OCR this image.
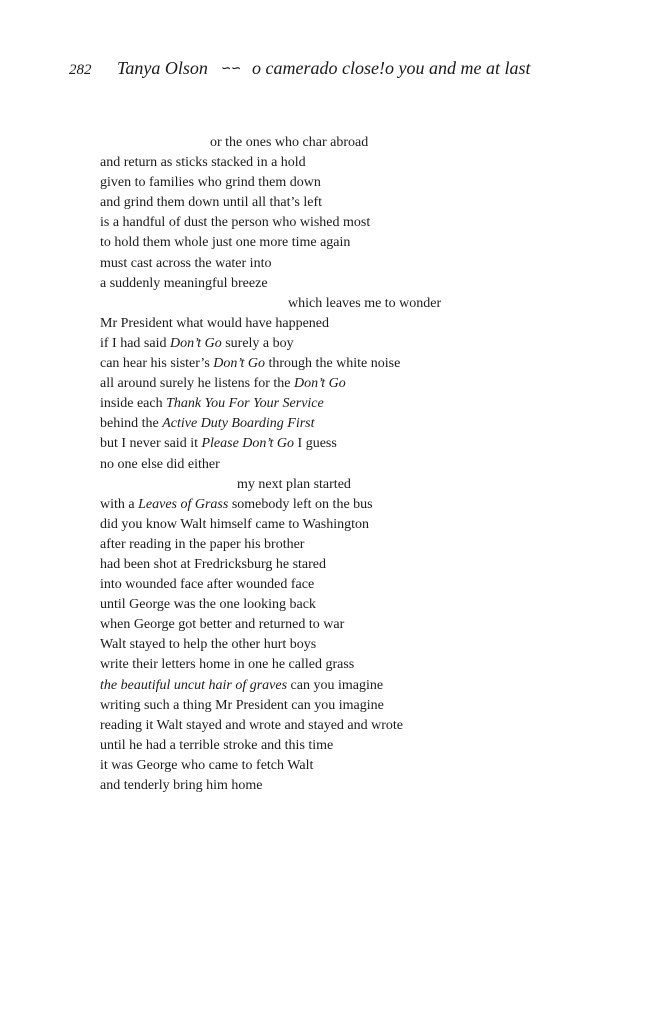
282 Tanya Olson ∽∽ o camerado close!o you and me at last
or the ones who char abroad
and return as sticks stacked in a hold
given to families who grind them down
and grind them down until all that’s left
is a handful of dust the person who wished most
to hold them whole just one more time again
must cast across the water into
a suddenly meaningful breeze
which leaves me to wonder
Mr President what would have happened
if I had said Don’t Go surely a boy
can hear his sister’s Don’t Go through the white noise
all around surely he listens for the Don’t Go
inside each Thank You For Your Service
behind the Active Duty Boarding First
but I never said it Please Don’t Go I guess
no one else did either
my next plan started
with a Leaves of Grass somebody left on the bus
did you know Walt himself came to Washington
after reading in the paper his brother
had been shot at Fredricksburg he stared
into wounded face after wounded face
until George was the one looking back
when George got better and returned to war
Walt stayed to help the other hurt boys
write their letters home in one he called grass
the beautiful uncut hair of graves can you imagine
writing such a thing Mr President can you imagine
reading it Walt stayed and wrote and stayed and wrote
until he had a terrible stroke and this time
it was George who came to fetch Walt
and tenderly bring him home
